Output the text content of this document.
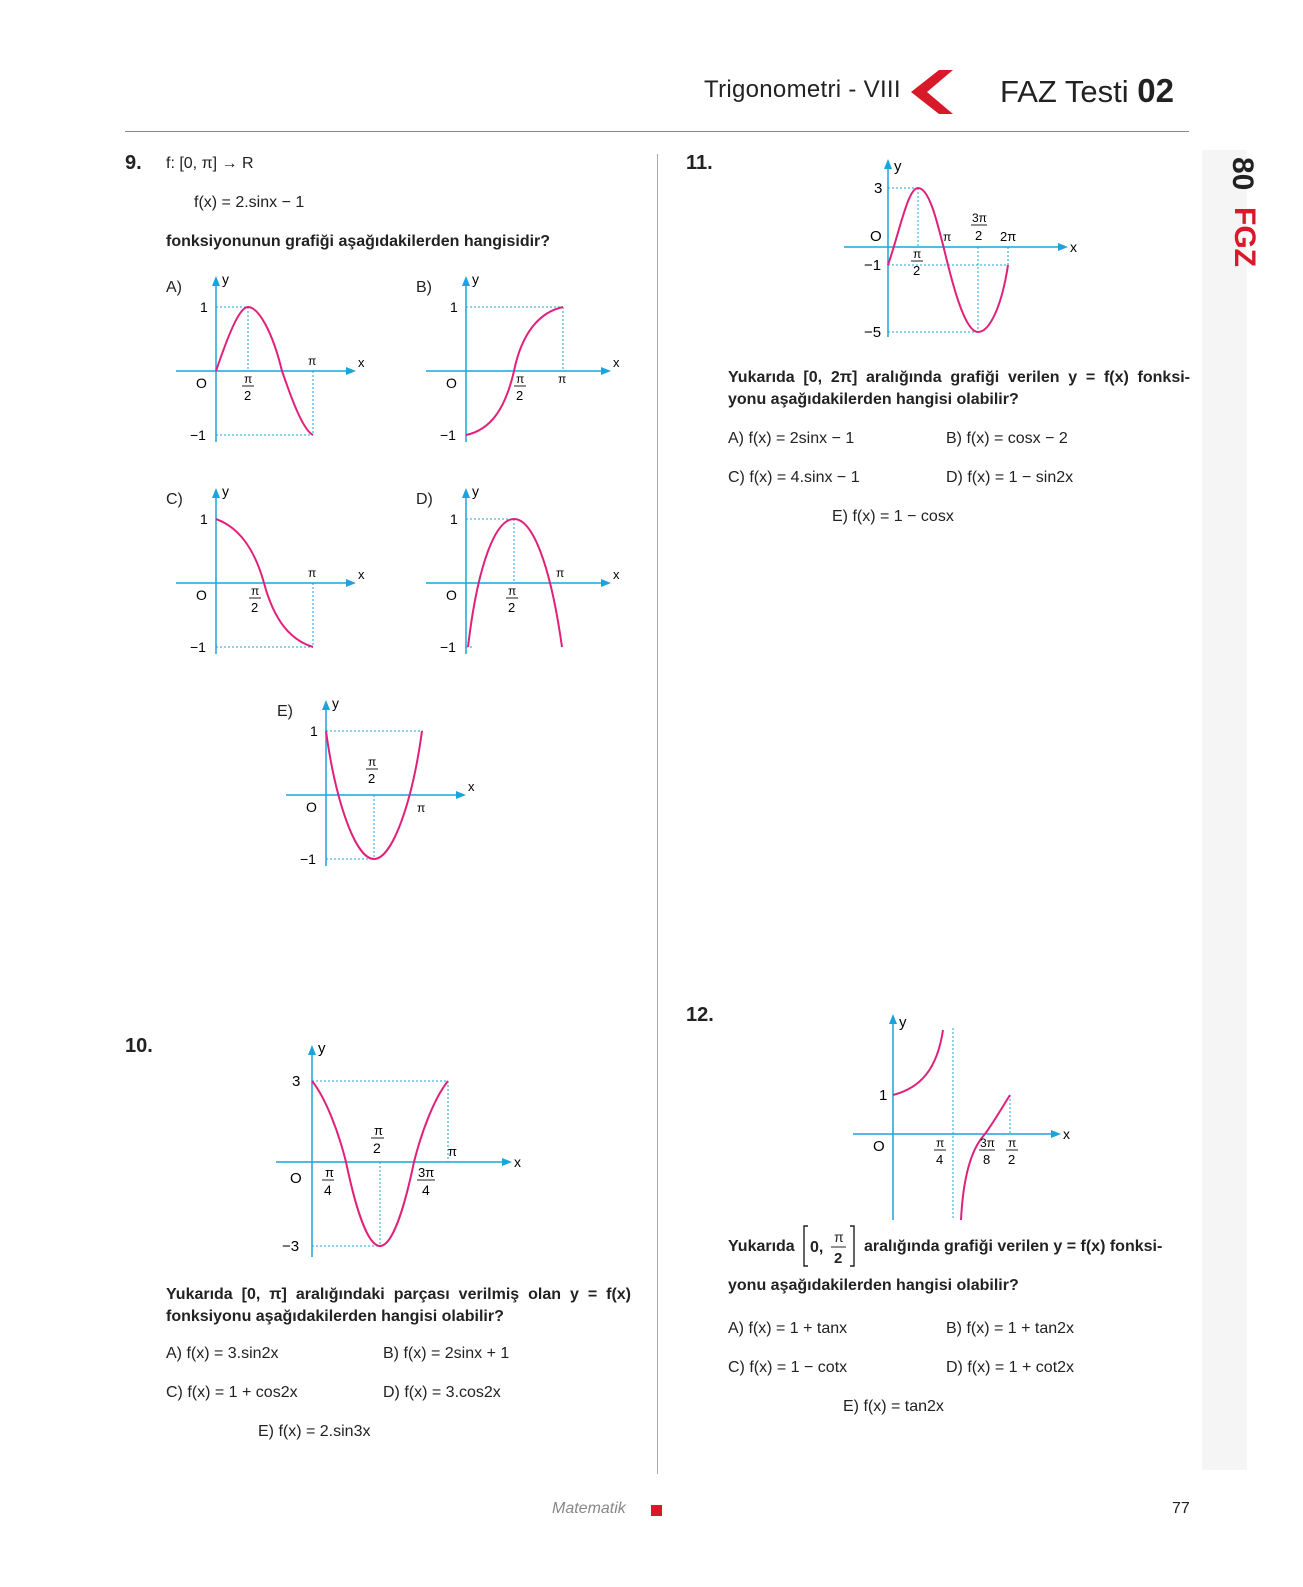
Trigonometri - VIII	FAZ Testi 02
80
FGZ
9. f: [0, π] → R
f(x) = 2.sinx − 1
fonksiyonunun grafiği aşağıdakilerden hangisidir?
A)	B)
C)	D)
E)
y
x
O
1
−1
π
π
2
y
x
O
1
−1
π
π
2
y
x
O
1
−1
π
π
2
y
x
O
1
−1
π
π
2
y
x
O
1
−1
π
π
2
10.	y
x
O
3
−3
π
π
2
π
4
3π
4
Yukarıda [0, π] aralığındaki parçası verilmiş olan y = f(x) fonksiyonu aşağıdakilerden hangisi olabilir?
A) f(x) = 3.sin2x	B) f(x) = 2sinx + 1
C) f(x) = 1 + cos2x	D) f(x) = 3.cos2x
E) f(x) = 2.sin3x
11.	y
x
O
3
−1
−5
π
3π
2 2π
π
2
Yukarıda [0, 2π] aralığında grafiği verilen y = f(x) fonksi-
yonu aşağıdakilerden hangisi olabilir?
A) f(x) = 2sinx − 1	B) f(x) = cosx − 2
C) f(x) = 4.sinx − 1	D) f(x) = 1 − sin2x
E) f(x) = 1 − cosx
12.	y
x
O
1
π
4
3π
8
π
2
Yukarıda 0,
π
2
aralığında grafiği verilen y = f(x) fonksi-
yonu aşağıdakilerden hangisi olabilir?
A) f(x) = 1 + tanx	B) f(x) = 1 + tan2x
C) f(x) = 1 − cotx	D) f(x) = 1 + cot2x
E) f(x) = tan2x
Matematik	77
